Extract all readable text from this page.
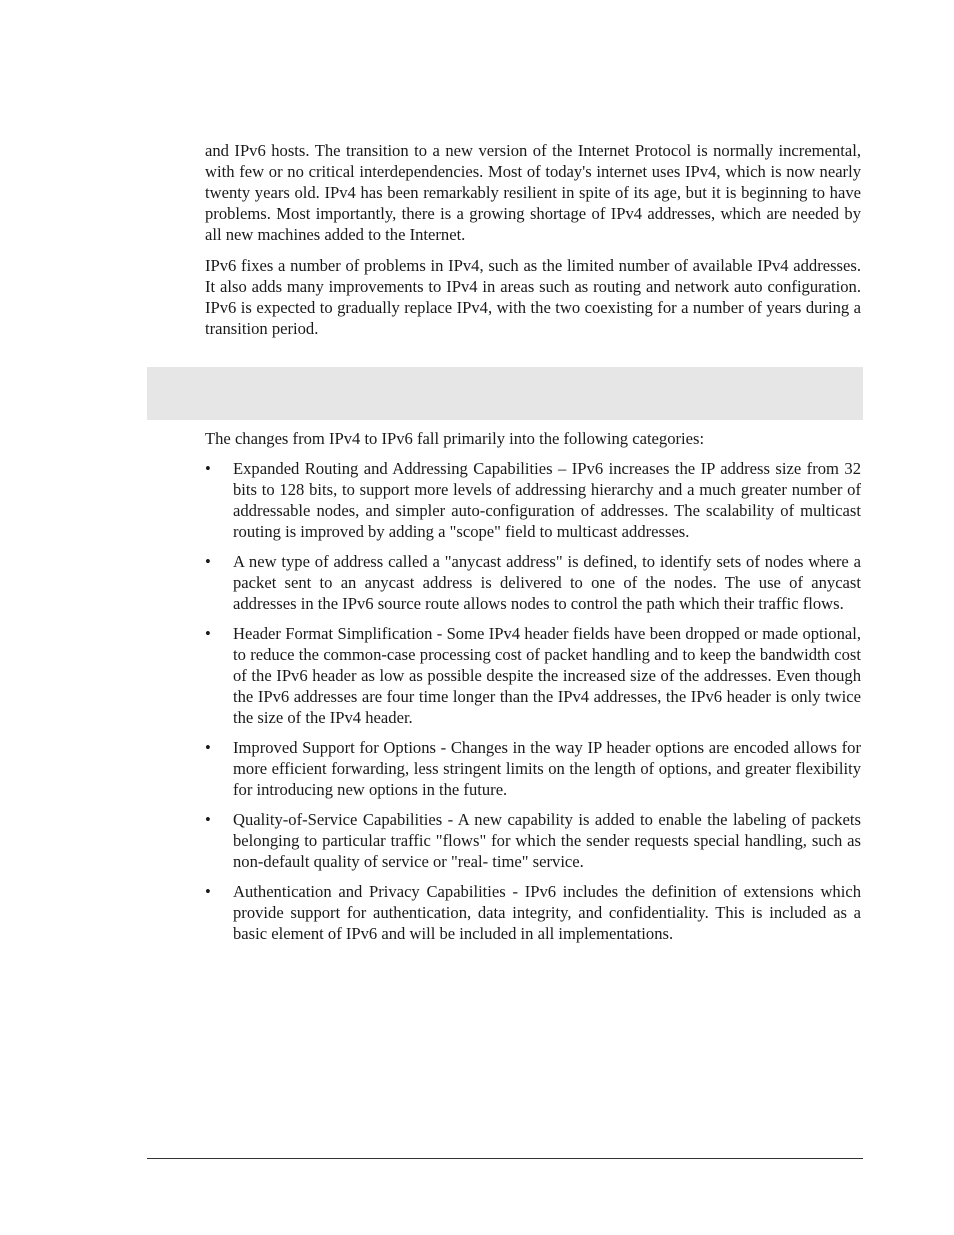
and IPv6 hosts. The transition to a new version of the Internet Protocol is normally incremental, with few or no critical interdependencies. Most of today's internet uses IPv4, which is now nearly twenty years old. IPv4 has been remarkably resilient in spite of its age, but it is beginning to have problems. Most importantly, there is a growing shortage of IPv4 addresses, which are needed by all new machines added to the Internet.

IPv6 fixes a number of problems in IPv4, such as the limited number of available IPv4 addresses. It also adds many improvements to IPv4 in areas such as routing and network auto configuration. IPv6 is expected to gradually replace IPv4, with the two coexisting for a number of years during a transition period.

The changes from IPv4 to IPv6 fall primarily into the following categories:

• Expanded Routing and Addressing Capabilities – IPv6 increases the IP address size from 32 bits to 128 bits, to support more levels of addressing hierarchy and a much greater number of addressable nodes, and simpler auto-configuration of addresses. The scalability of multicast routing is improved by adding a "scope" field to multicast addresses.
• A new type of address called a "anycast address" is defined, to identify sets of nodes where a packet sent to an anycast address is delivered to one of the nodes. The use of anycast addresses in the IPv6 source route allows nodes to control the path which their traffic flows.
• Header Format Simplification - Some IPv4 header fields have been dropped or made optional, to reduce the common-case processing cost of packet handling and to keep the bandwidth cost of the IPv6 header as low as possible despite the increased size of the addresses. Even though the IPv6 addresses are four time longer than the IPv4 addresses, the IPv6 header is only twice the size of the IPv4 header.
• Improved Support for Options - Changes in the way IP header options are encoded allows for more efficient forwarding, less stringent limits on the length of options, and greater flexibility for introducing new options in the future.
• Quality-of-Service Capabilities - A new capability is added to enable the labeling of packets belonging to particular traffic "flows" for which the sender requests special handling, such as non-default quality of service or "real- time" service.
• Authentication and Privacy Capabilities - IPv6 includes the definition of extensions which provide support for authentication, data integrity, and confidentiality. This is included as a basic element of IPv6 and will be included in all implementations.
